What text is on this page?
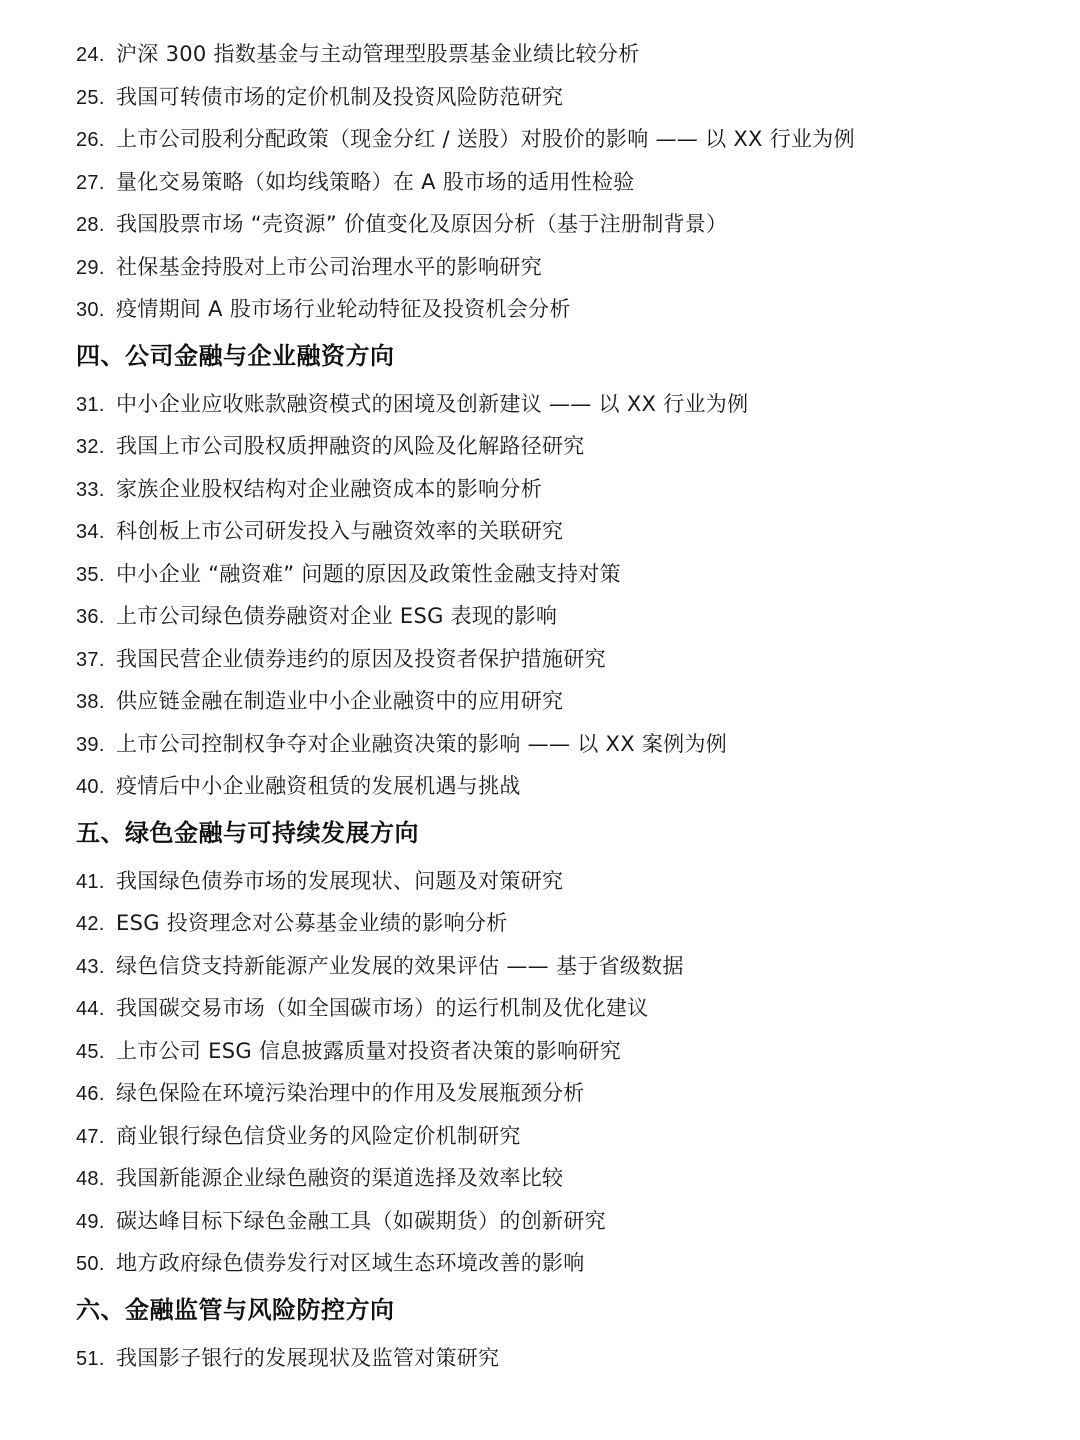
24. 沪深 300 指数基金与主动管理型股票基金业绩比较分析
25. 我国可转债市场的定价机制及投资风险防范研究
26. 上市公司股利分配政策（现金分红 / 送股）对股价的影响 —— 以 XX 行业为例
27. 量化交易策略（如均线策略）在 A 股市场的适用性检验
28. 我国股票市场 “壳资源” 价值变化及原因分析（基于注册制背景）
29. 社保基金持股对上市公司治理水平的影响研究
30. 疫情期间 A 股市场行业轮动特征及投资机会分析
四、公司金融与企业融资方向
31. 中小企业应收账款融资模式的困境及创新建议 —— 以 XX 行业为例
32. 我国上市公司股权质押融资的风险及化解路径研究
33. 家族企业股权结构对企业融资成本的影响分析
34. 科创板上市公司研发投入与融资效率的关联研究
35. 中小企业 “融资难” 问题的原因及政策性金融支持对策
36. 上市公司绿色债券融资对企业 ESG 表现的影响
37. 我国民营企业债券违约的原因及投资者保护措施研究
38. 供应链金融在制造业中小企业融资中的应用研究
39. 上市公司控制权争夺对企业融资决策的影响 —— 以 XX 案例为例
40. 疫情后中小企业融资租赁的发展机遇与挑战
五、绿色金融与可持续发展方向
41. 我国绿色债券市场的发展现状、问题及对策研究
42. ESG 投资理念对公募基金业绩的影响分析
43. 绿色信贷支持新能源产业发展的效果评估 —— 基于省级数据
44. 我国碳交易市场（如全国碳市场）的运行机制及优化建议
45. 上市公司 ESG 信息披露质量对投资者决策的影响研究
46. 绿色保险在环境污染治理中的作用及发展瓶颈分析
47. 商业银行绿色信贷业务的风险定价机制研究
48. 我国新能源企业绿色融资的渠道选择及效率比较
49. 碳达峰目标下绿色金融工具（如碳期货）的创新研究
50. 地方政府绿色债券发行对区域生态环境改善的影响
六、金融监管与风险防控方向
51. 我国影子银行的发展现状及监管对策研究
